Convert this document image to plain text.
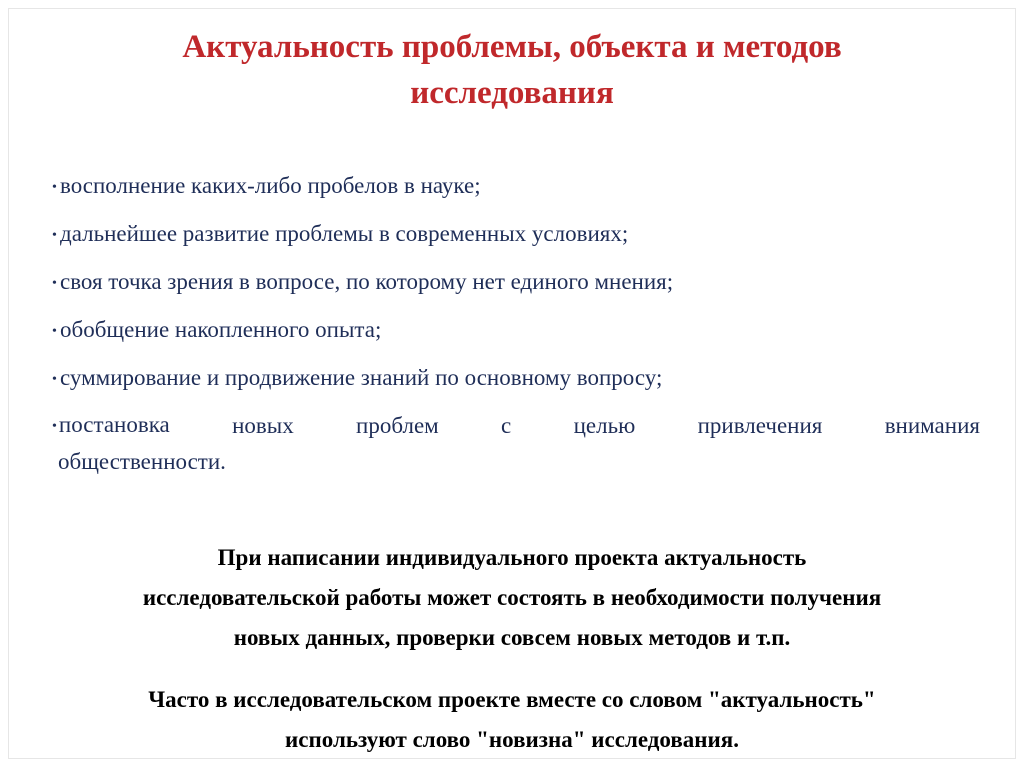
Актуальность проблемы, объекта и методов
исследования
• восполнение каких-либо пробелов в науке;
• дальнейшее развитие проблемы в современных условиях;
• своя точка зрения в вопросе, по которому нет единого мнения;
• обобщение накопленного опыта;
• суммирование и продвижение знаний по основному вопросу;
•постановка	новых	проблем	с	целью	привлечения	внимания
общественности.
При написании индивидуального проекта актуальность
исследовательской работы может состоять в необходимости получения
новых данных, проверки совсем новых методов и т.п.
Часто в исследовательском проекте вместе со словом "актуальность"
используют слово "новизна" исследования.
